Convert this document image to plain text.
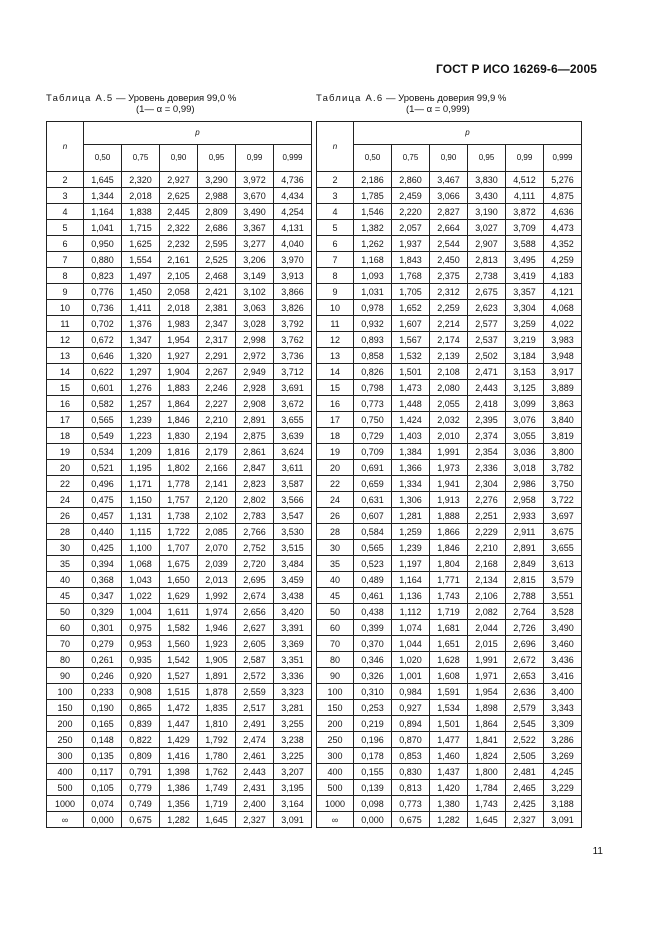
ГОСТ Р ИСО 16269-6—2005
Таблица А.5 — Уровень доверия 99,0 %
(1— α = 0,99)
n	p					
	0,50	0,75	0,90	0,95	0,99	0,999
2	1,645	2,320	2,927	3,290	3,972	4,736
3	1,344	2,018	2,625	2,988	3,670	4,434
4	1,164	1,838	2,445	2,809	3,490	4,254
5	1,041	1,715	2,322	2,686	3,367	4,131
6	0,950	1,625	2,232	2,595	3,277	4,040
7	0,880	1,554	2,161	2,525	3,206	3,970
8	0,823	1,497	2,105	2,468	3,149	3,913
9	0,776	1,450	2,058	2,421	3,102	3,866
10	0,736	1,411	2,018	2,381	3,063	3,826
11	0,702	1,376	1,983	2,347	3,028	3,792
12	0,672	1,347	1,954	2,317	2,998	3,762
13	0,646	1,320	1,927	2,291	2,972	3,736
14	0,622	1,297	1,904	2,267	2,949	3,712
15	0,601	1,276	1,883	2,246	2,928	3,691
16	0,582	1,257	1,864	2,227	2,908	3,672
17	0,565	1,239	1,846	2,210	2,891	3,655
18	0,549	1,223	1,830	2,194	2,875	3,639
19	0,534	1,209	1,816	2,179	2,861	3,624
20	0,521	1,195	1,802	2,166	2,847	3,611
22	0,496	1,171	1,778	2,141	2,823	3,587
24	0,475	1,150	1,757	2,120	2,802	3,566
26	0,457	1,131	1,738	2,102	2,783	3,547
28	0,440	1,115	1,722	2,085	2,766	3,530
30	0,425	1,100	1,707	2,070	2,752	3,515
35	0,394	1,068	1,675	2,039	2,720	3,484
40	0,368	1,043	1,650	2,013	2,695	3,459
45	0,347	1,022	1,629	1,992	2,674	3,438
50	0,329	1,004	1,611	1,974	2,656	3,420
60	0,301	0,975	1,582	1,946	2,627	3,391
70	0,279	0,953	1,560	1,923	2,605	3,369
80	0,261	0,935	1,542	1,905	2,587	3,351
90	0,246	0,920	1,527	1,891	2,572	3,336
100	0,233	0,908	1,515	1,878	2,559	3,323
150	0,190	0,865	1,472	1,835	2,517	3,281
200	0,165	0,839	1,447	1,810	2,491	3,255
250	0,148	0,822	1,429	1,792	2,474	3,238
300	0,135	0,809	1,416	1,780	2,461	3,225
400	0,117	0,791	1,398	1,762	2,443	3,207
500	0,105	0,779	1,386	1,749	2,431	3,195
1000	0,074	0,749	1,356	1,719	2,400	3,164
∞	0,000	0,675	1,282	1,645	2,327	3,091
Таблица А.6 — Уровень доверия 99,9 %
(1— α = 0,999)
n	p					
	0,50	0,75	0,90	0,95	0,99	0,999
2	2,186	2,860	3,467	3,830	4,512	5,276
3	1,785	2,459	3,066	3,430	4,111	4,875
4	1,546	2,220	2,827	3,190	3,872	4,636
5	1,382	2,057	2,664	3,027	3,709	4,473
6	1,262	1,937	2,544	2,907	3,588	4,352
7	1,168	1,843	2,450	2,813	3,495	4,259
8	1,093	1,768	2,375	2,738	3,419	4,183
9	1,031	1,705	2,312	2,675	3,357	4,121
10	0,978	1,652	2,259	2,623	3,304	4,068
11	0,932	1,607	2,214	2,577	3,259	4,022
12	0,893	1,567	2,174	2,537	3,219	3,983
13	0,858	1,532	2,139	2,502	3,184	3,948
14	0,826	1,501	2,108	2,471	3,153	3,917
15	0,798	1,473	2,080	2,443	3,125	3,889
16	0,773	1,448	2,055	2,418	3,099	3,863
17	0,750	1,424	2,032	2,395	3,076	3,840
18	0,729	1,403	2,010	2,374	3,055	3,819
19	0,709	1,384	1,991	2,354	3,036	3,800
20	0,691	1,366	1,973	2,336	3,018	3,782
22	0,659	1,334	1,941	2,304	2,986	3,750
24	0,631	1,306	1,913	2,276	2,958	3,722
26	0,607	1,281	1,888	2,251	2,933	3,697
28	0,584	1,259	1,866	2,229	2,911	3,675
30	0,565	1,239	1,846	2,210	2,891	3,655
35	0,523	1,197	1,804	2,168	2,849	3,613
40	0,489	1,164	1,771	2,134	2,815	3,579
45	0,461	1,136	1,743	2,106	2,788	3,551
50	0,438	1,112	1,719	2,082	2,764	3,528
60	0,399	1,074	1,681	2,044	2,726	3,490
70	0,370	1,044	1,651	2,015	2,696	3,460
80	0,346	1,020	1,628	1,991	2,672	3,436
90	0,326	1,001	1,608	1,971	2,653	3,416
100	0,310	0,984	1,591	1,954	2,636	3,400
150	0,253	0,927	1,534	1,898	2,579	3,343
200	0,219	0,894	1,501	1,864	2,545	3,309
250	0,196	0,870	1,477	1,841	2,522	3,286
300	0,178	0,853	1,460	1,824	2,505	3,269
400	0,155	0,830	1,437	1,800	2,481	4,245
500	0,139	0,813	1,420	1,784	2,465	3,229
1000	0,098	0,773	1,380	1,743	2,425	3,188
∞	0,000	0,675	1,282	1,645	2,327	3,091
11
